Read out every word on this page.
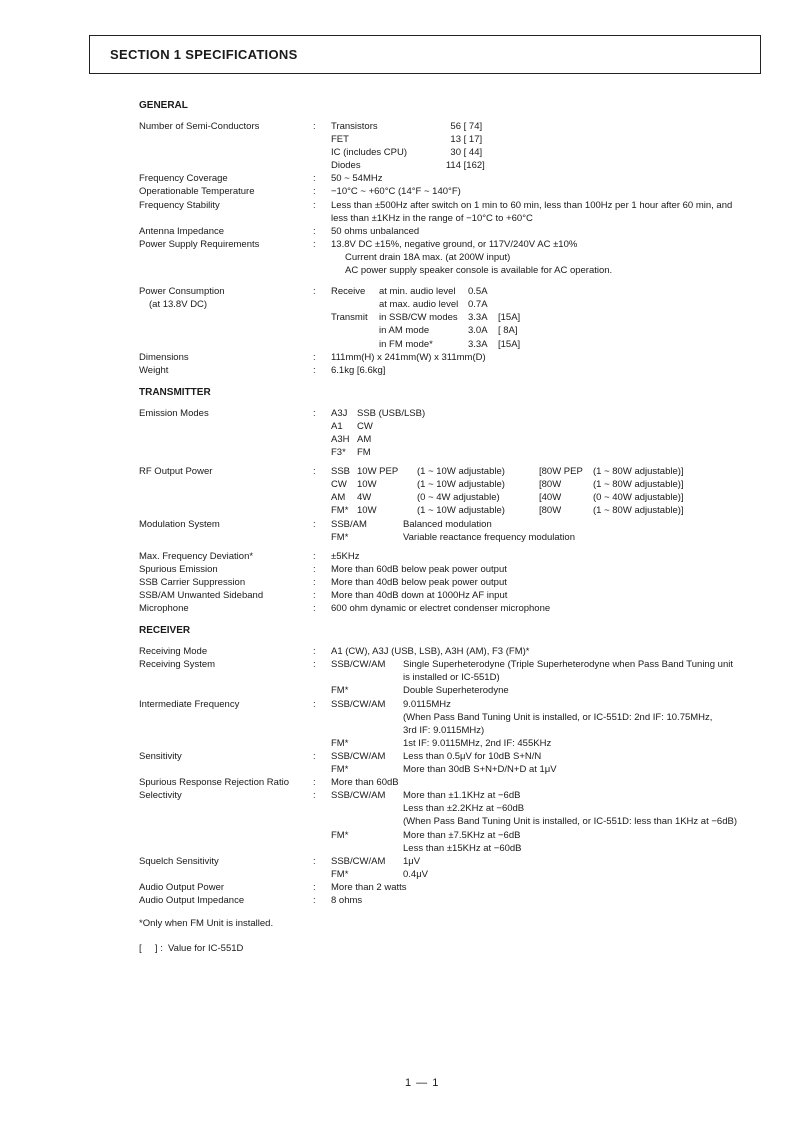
SECTION 1 SPECIFICATIONS
GENERAL
Number of Semi-Conductors	: Transistors	56 [ 74]
FET	13 [ 17]
IC (includes CPU)	30 [ 44]
Diodes	114 [162]
Frequency Coverage	: 50 ~ 54MHz
Operationable Temperature	: −10°C ~ +60°C (14°F ~ 140°F)
Frequency Stability	: Less than ±500Hz after switch on 1 min to 60 min, less than 100Hz per 1 hour after 60 min, and less than ±1KHz in the range of −10°C to +60°C
Antenna Impedance	: 50 ohms unbalanced
Power Supply Requirements	: 13.8V DC ±15%, negative ground, or 117V/240V AC ±10%
Current drain 18A max. (at 200W input)
AC power supply speaker console is available for AC operation.
Power Consumption
(at 13.8V DC)
: Receive at min. audio level 0.5A
at max. audio level 0.7A
Transmit in SSB/CW modes 3.3A [15A]
in AM mode	3.0A [ 8A]
in FM mode*	3.3A [15A]
Dimensions	: 111mm(H) x 241mm(W) x 311mm(D)
Weight	: 6.1kg [6.6kg]
TRANSMITTER
Emission Modes	: A3J SSB (USB/LSB)
A1 CW
A3H AM
F3* FM
RF Output Power	: SSB 10W PEP (1 ~ 10W adjustable)	[80W PEP (1 ~ 80W adjustable)]
CW 10W	(1 ~ 10W adjustable)	[80W	(1 ~ 80W adjustable)]
AM 4W	(0 ~ 4W adjustable)	[40W	(0 ~ 40W adjustable)]
FM* 10W	(1 ~ 10W adjustable)	[80W	(1 ~ 80W adjustable)]
Modulation System	: SSB/AM	Balanced modulation
FM*	Variable reactance frequency modulation
Max. Frequency Deviation*	: ±5KHz
Spurious Emission	: More than 60dB below peak power output
SSB Carrier Suppression	: More than 40dB below peak power output
SSB/AM Unwanted Sideband	: More than 40dB down at 1000Hz AF input
Microphone	: 600 ohm dynamic or electret condenser microphone
RECEIVER
Receiving Mode	: A1 (CW), A3J (USB, LSB), A3H (AM), F3 (FM)*
Receiving System	: SSB/CW/AM	Single Superheterodyne (Triple Superheterodyne when Pass Band Tuning unit is installed or IC-551D)
FM*	Double Superheterodyne
Intermediate Frequency	: SSB/CW/AM 9.0115MHz
(When Pass Band Tuning Unit is installed, or IC-551D: 2nd IF: 10.75MHz, 3rd IF: 9.0115MHz)
FM*	1st IF: 9.0115MHz, 2nd IF: 455KHz
Sensitivity	: SSB/CW/AM Less than 0.5μV for 10dB S+N/N
FM*	More than 30dB S+N+D/N+D at 1μV
Spurious Response Rejection Ratio	: More than 60dB
Selectivity	: SSB/CW/AM More than ±1.1KHz at −6dB
Less than ±2.2KHz at −60dB
(When Pass Band Tuning Unit is installed, or IC-551D: less than 1KHz at −6dB)
FM*	More than ±7.5KHz at −6dB
Less than ±15KHz at −60dB
Squelch Sensitivity	: SSB/CW/AM 1μV
FM*	0.4μV
Audio Output Power	: More than 2 watts
Audio Output Impedance	: 8 ohms
*Only when FM Unit is installed.
[     ] :  Value for IC-551D
1 — 1
